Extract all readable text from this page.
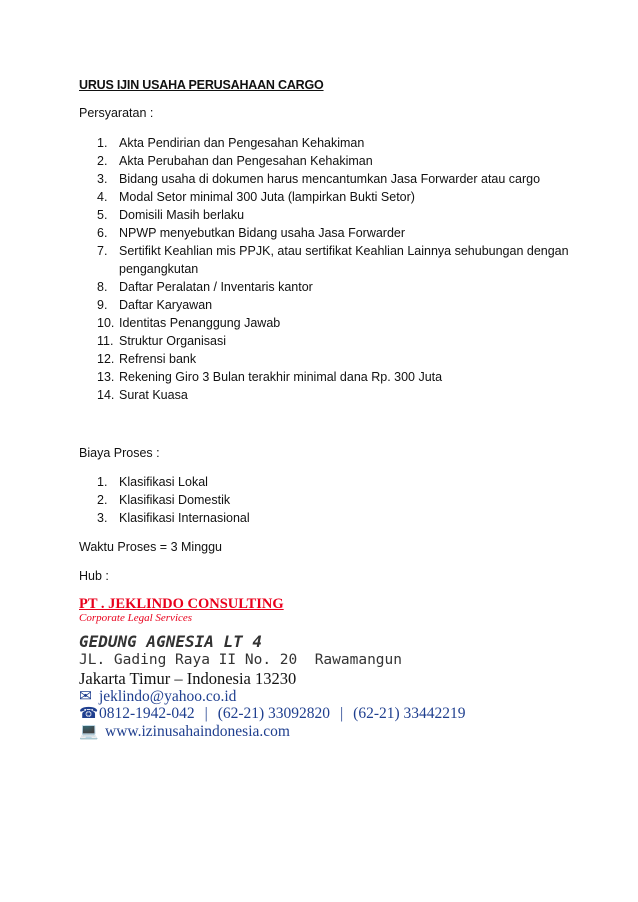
URUS IJIN USAHA PERUSAHAAN CARGO
Persyaratan :
1. Akta Pendirian dan Pengesahan Kehakiman
2. Akta Perubahan dan Pengesahan Kehakiman
3. Bidang usaha di dokumen harus mencantumkan Jasa Forwarder atau cargo
4. Modal Setor minimal 300 Juta (lampirkan Bukti Setor)
5. Domisili Masih berlaku
6. NPWP menyebutkan Bidang usaha Jasa Forwarder
7. Sertifikt Keahlian mis PPJK, atau sertifikat Keahlian Lainnya sehubungan dengan
pengangkutan
8. Daftar Peralatan / Inventaris kantor
9. Daftar Karyawan
10. Identitas Penanggung Jawab
11. Struktur Organisasi
12. Refrensi bank
13. Rekening Giro 3 Bulan terakhir minimal dana Rp. 300 Juta
14. Surat Kuasa
Biaya Proses :
1. Klasifikasi Lokal
2. Klasifikasi Domestik
3. Klasifikasi Internasional
Waktu Proses = 3 Minggu
Hub :
PT . JEKLINDO CONSULTING
Corporate Legal Services
GEDUNG AGNESIA LT 4
JL. Gading Raya II No. 20  Rawamangun
Jakarta Timur – Indonesia 13230
✉ jeklindo@yahoo.co.id
☎0812-1942-042 | (62-21) 33092820 | (62-21) 33442219
💻 www.izinusahaindonesia.com
